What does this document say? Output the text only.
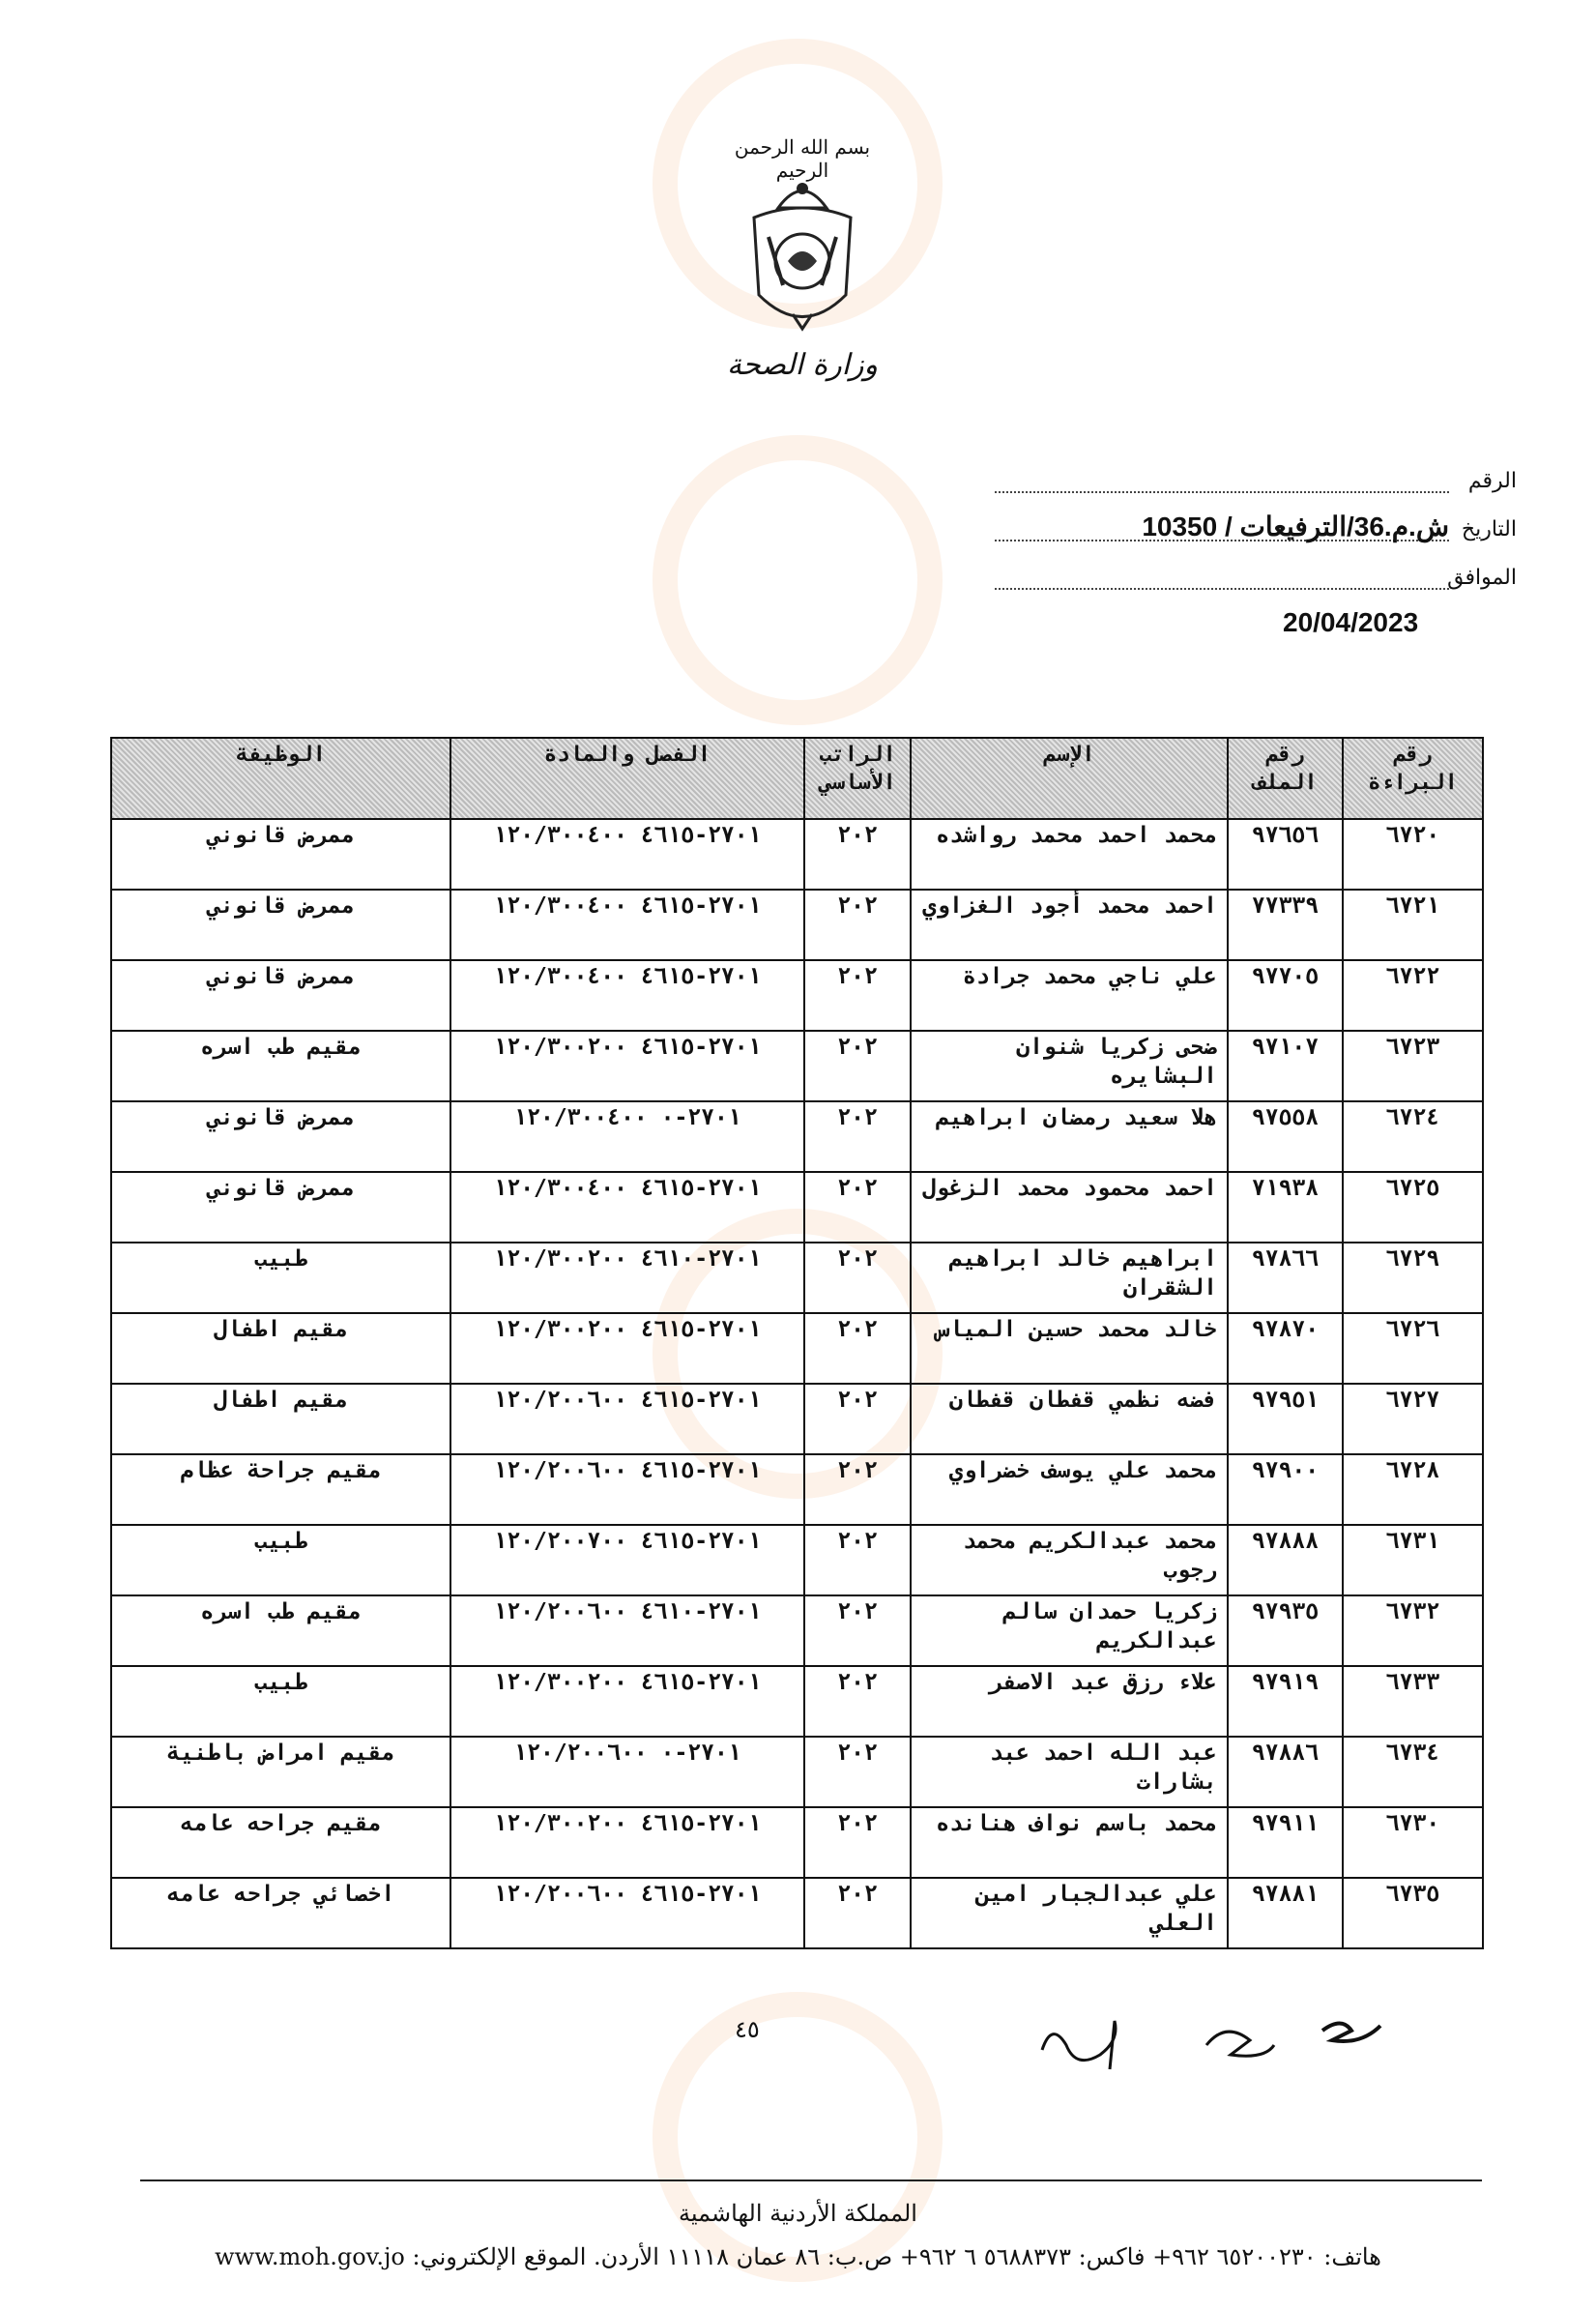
بسم الله الرحمن الرحيم
وزارة الصحة
الرقم
التاريخ
ش.م.36/الترفيعات / 10350
الموافق
20/04/2023
رقم البراءة	رقم الملف	الإسم	الراتب الأساسي	الفصل والمادة	الوظيفة
٦٧٢٠	٩٧٦٥٦	محمد احمد محمد رواشده	٢٠٢	١٢٠/٣٠٠٤٠٠ ٤٦١٥-٢٧٠١	ممرض قانوني
٦٧٢١	٧٧٣٣٩	احمد محمد أجود الغزاوي	٢٠٢	١٢٠/٣٠٠٤٠٠ ٤٦١٥-٢٧٠١	ممرض قانوني
٦٧٢٢	٩٧٧٠٥	علي ناجي محمد جرادة	٢٠٢	١٢٠/٣٠٠٤٠٠ ٤٦١٥-٢٧٠١	ممرض قانوني
٦٧٢٣	٩٧١٠٧	ضحى زكريا شنوان البشايره	٢٠٢	١٢٠/٣٠٠٢٠٠ ٤٦١٥-٢٧٠١	مقيم طب اسره
٦٧٢٤	٩٧٥٥٨	هلا سعيد رمضان ابراهيم	٢٠٢	١٢٠/٣٠٠٤٠٠ ٠-٢٧٠١	ممرض قانوني
٦٧٢٥	٧١٩٣٨	احمد محمود محمد الزغول	٢٠٢	١٢٠/٣٠٠٤٠٠ ٤٦١٥-٢٧٠١	ممرض قانوني
٦٧٢٩	٩٧٨٦٦	ابراهيم خالد ابراهيم الشقران	٢٠٢	١٢٠/٣٠٠٢٠٠ ٤٦١٠-٢٧٠١	طبيب
٦٧٢٦	٩٧٨٧٠	خالد محمد حسين المياس	٢٠٢	١٢٠/٣٠٠٢٠٠ ٤٦١٥-٢٧٠١	مقيم اطفال
٦٧٢٧	٩٧٩٥١	فضه نظمي قفطان قفطان	٢٠٢	١٢٠/٢٠٠٦٠٠ ٤٦١٥-٢٧٠١	مقيم اطفال
٦٧٢٨	٩٧٩٠٠	محمد علي يوسف خضراوي	٢٠٢	١٢٠/٢٠٠٦٠٠ ٤٦١٥-٢٧٠١	مقيم جراحة عظام
٦٧٣١	٩٧٨٨٨	محمد عبدالكريم محمد رجوب	٢٠٢	١٢٠/٢٠٠٧٠٠ ٤٦١٥-٢٧٠١	طبيب
٦٧٣٢	٩٧٩٣٥	زكريا حمدان سالم عبدالكريم	٢٠٢	١٢٠/٢٠٠٦٠٠ ٤٦١٠-٢٧٠١	مقيم طب اسره
٦٧٣٣	٩٧٩١٩	علاء رزق عبد الاصفر	٢٠٢	١٢٠/٣٠٠٢٠٠ ٤٦١٥-٢٧٠١	طبيب
٦٧٣٤	٩٧٨٨٦	عبد الله احمد عبد بشارات	٢٠٢	١٢٠/٢٠٠٦٠٠ ٠-٢٧٠١	مقيم امراض باطنية
٦٧٣٠	٩٧٩١١	محمد باسم نواف هنانده	٢٠٢	١٢٠/٣٠٠٢٠٠ ٤٦١٥-٢٧٠١	مقيم جراحه عامه
٦٧٣٥	٩٧٨٨١	علي عبدالجبار امين العلي	٢٠٢	١٢٠/٢٠٠٦٠٠ ٤٦١٥-٢٧٠١	اخصائي جراحه عامه
٤٥
المملكة الأردنية الهاشمية
هاتف: ٦٥٢٠٠٢٣٠ ٩٦٢+ فاكس: ٥٦٨٨٣٧٣ ٦ ٩٦٢+ ص.ب: ٨٦ عمان ١١١١٨ الأردن. الموقع الإلكتروني: www.moh.gov.jo
